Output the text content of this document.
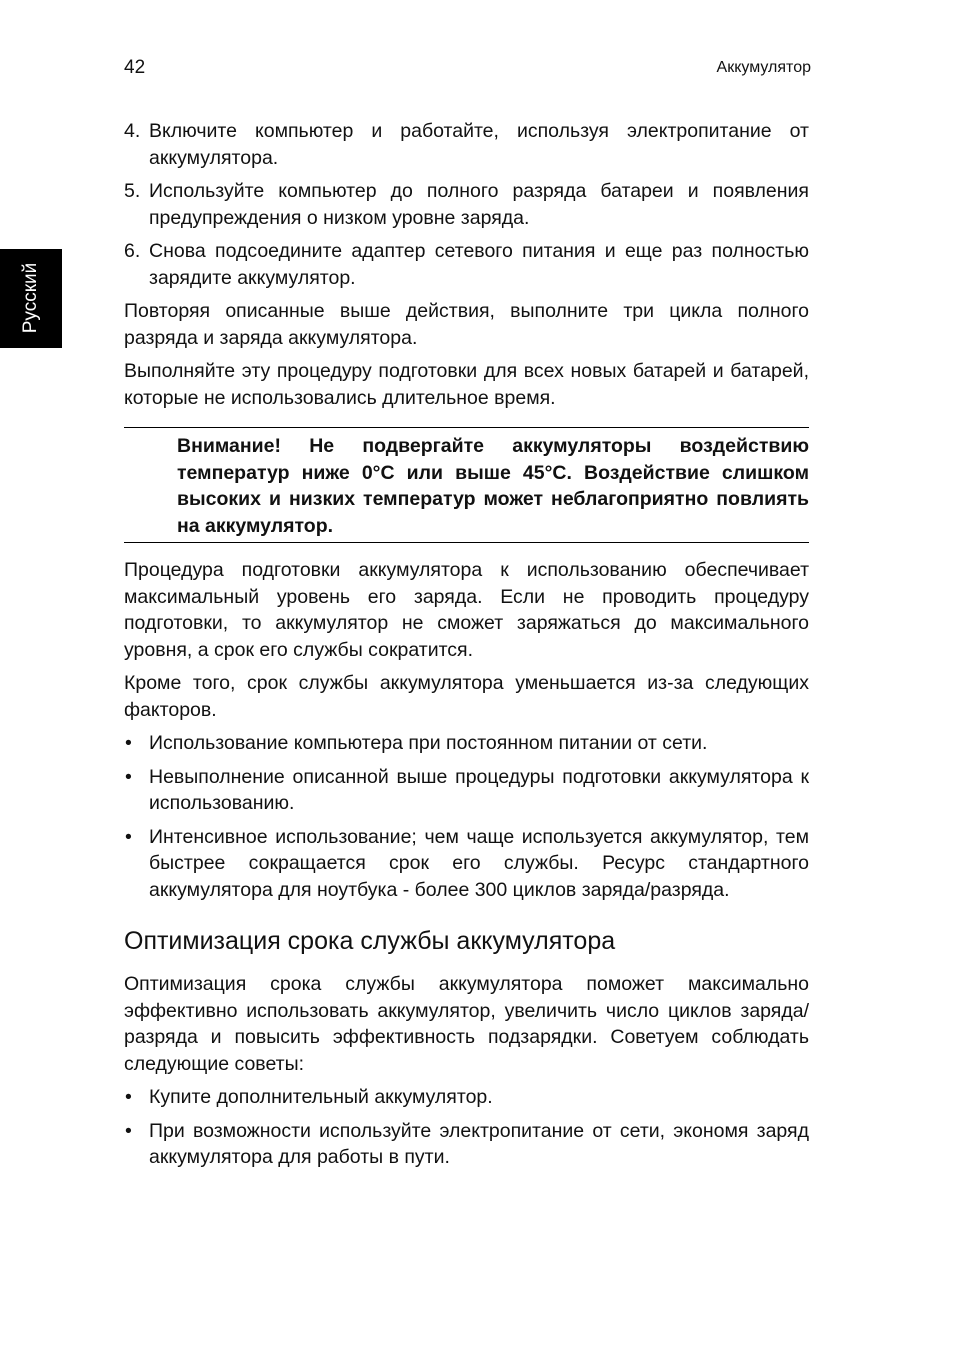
42	Аккумулятор
Русский
4. Включите компьютер и работайте, используя электропитание от аккумулятора.
5. Используйте компьютер до полного разряда батареи и появления предупреждения о низком уровне заряда.
6. Снова подсоедините адаптер сетевого питания и еще раз полностью зарядите аккумулятор.

Повторяя описанные выше действия, выполните три цикла полного разряда и заряда аккумулятора.

Выполняйте эту процедуру подготовки для всех новых батарей и батарей, которые не использовались длительное время.

Внимание! Не подвергайте аккумуляторы воздействию температур ниже 0°C или выше 45°C. Воздействие слишком высоких и низких температур может неблагоприятно повлиять на аккумулятор.

Процедура подготовки аккумулятора к использованию обеспечивает максимальный уровень его заряда. Если не проводить процедуру подготовки, то аккумулятор не сможет заряжаться до максимального уровня, а срок его службы сократится.

Кроме того, срок службы аккумулятора уменьшается из-за следующих факторов.

• Использование компьютера при постоянном питании от сети.
• Невыполнение описанной выше процедуры подготовки аккумулятора к использованию.
• Интенсивное использование; чем чаще используется аккумулятор, тем быстрее сокращается срок его службы. Ресурс стандартного аккумулятора для ноутбука - более 300 циклов заряда/разряда.
Оптимизация срока службы аккумулятора

Оптимизация срока службы аккумулятора поможет максимально эффективно использовать аккумулятор, увеличить число циклов заряда/разряда и повысить эффективность подзарядки. Советуем соблюдать следующие советы:

• Купите дополнительный аккумулятор.
• При возможности используйте электропитание от сети, экономя заряд аккумулятора для работы в пути.
